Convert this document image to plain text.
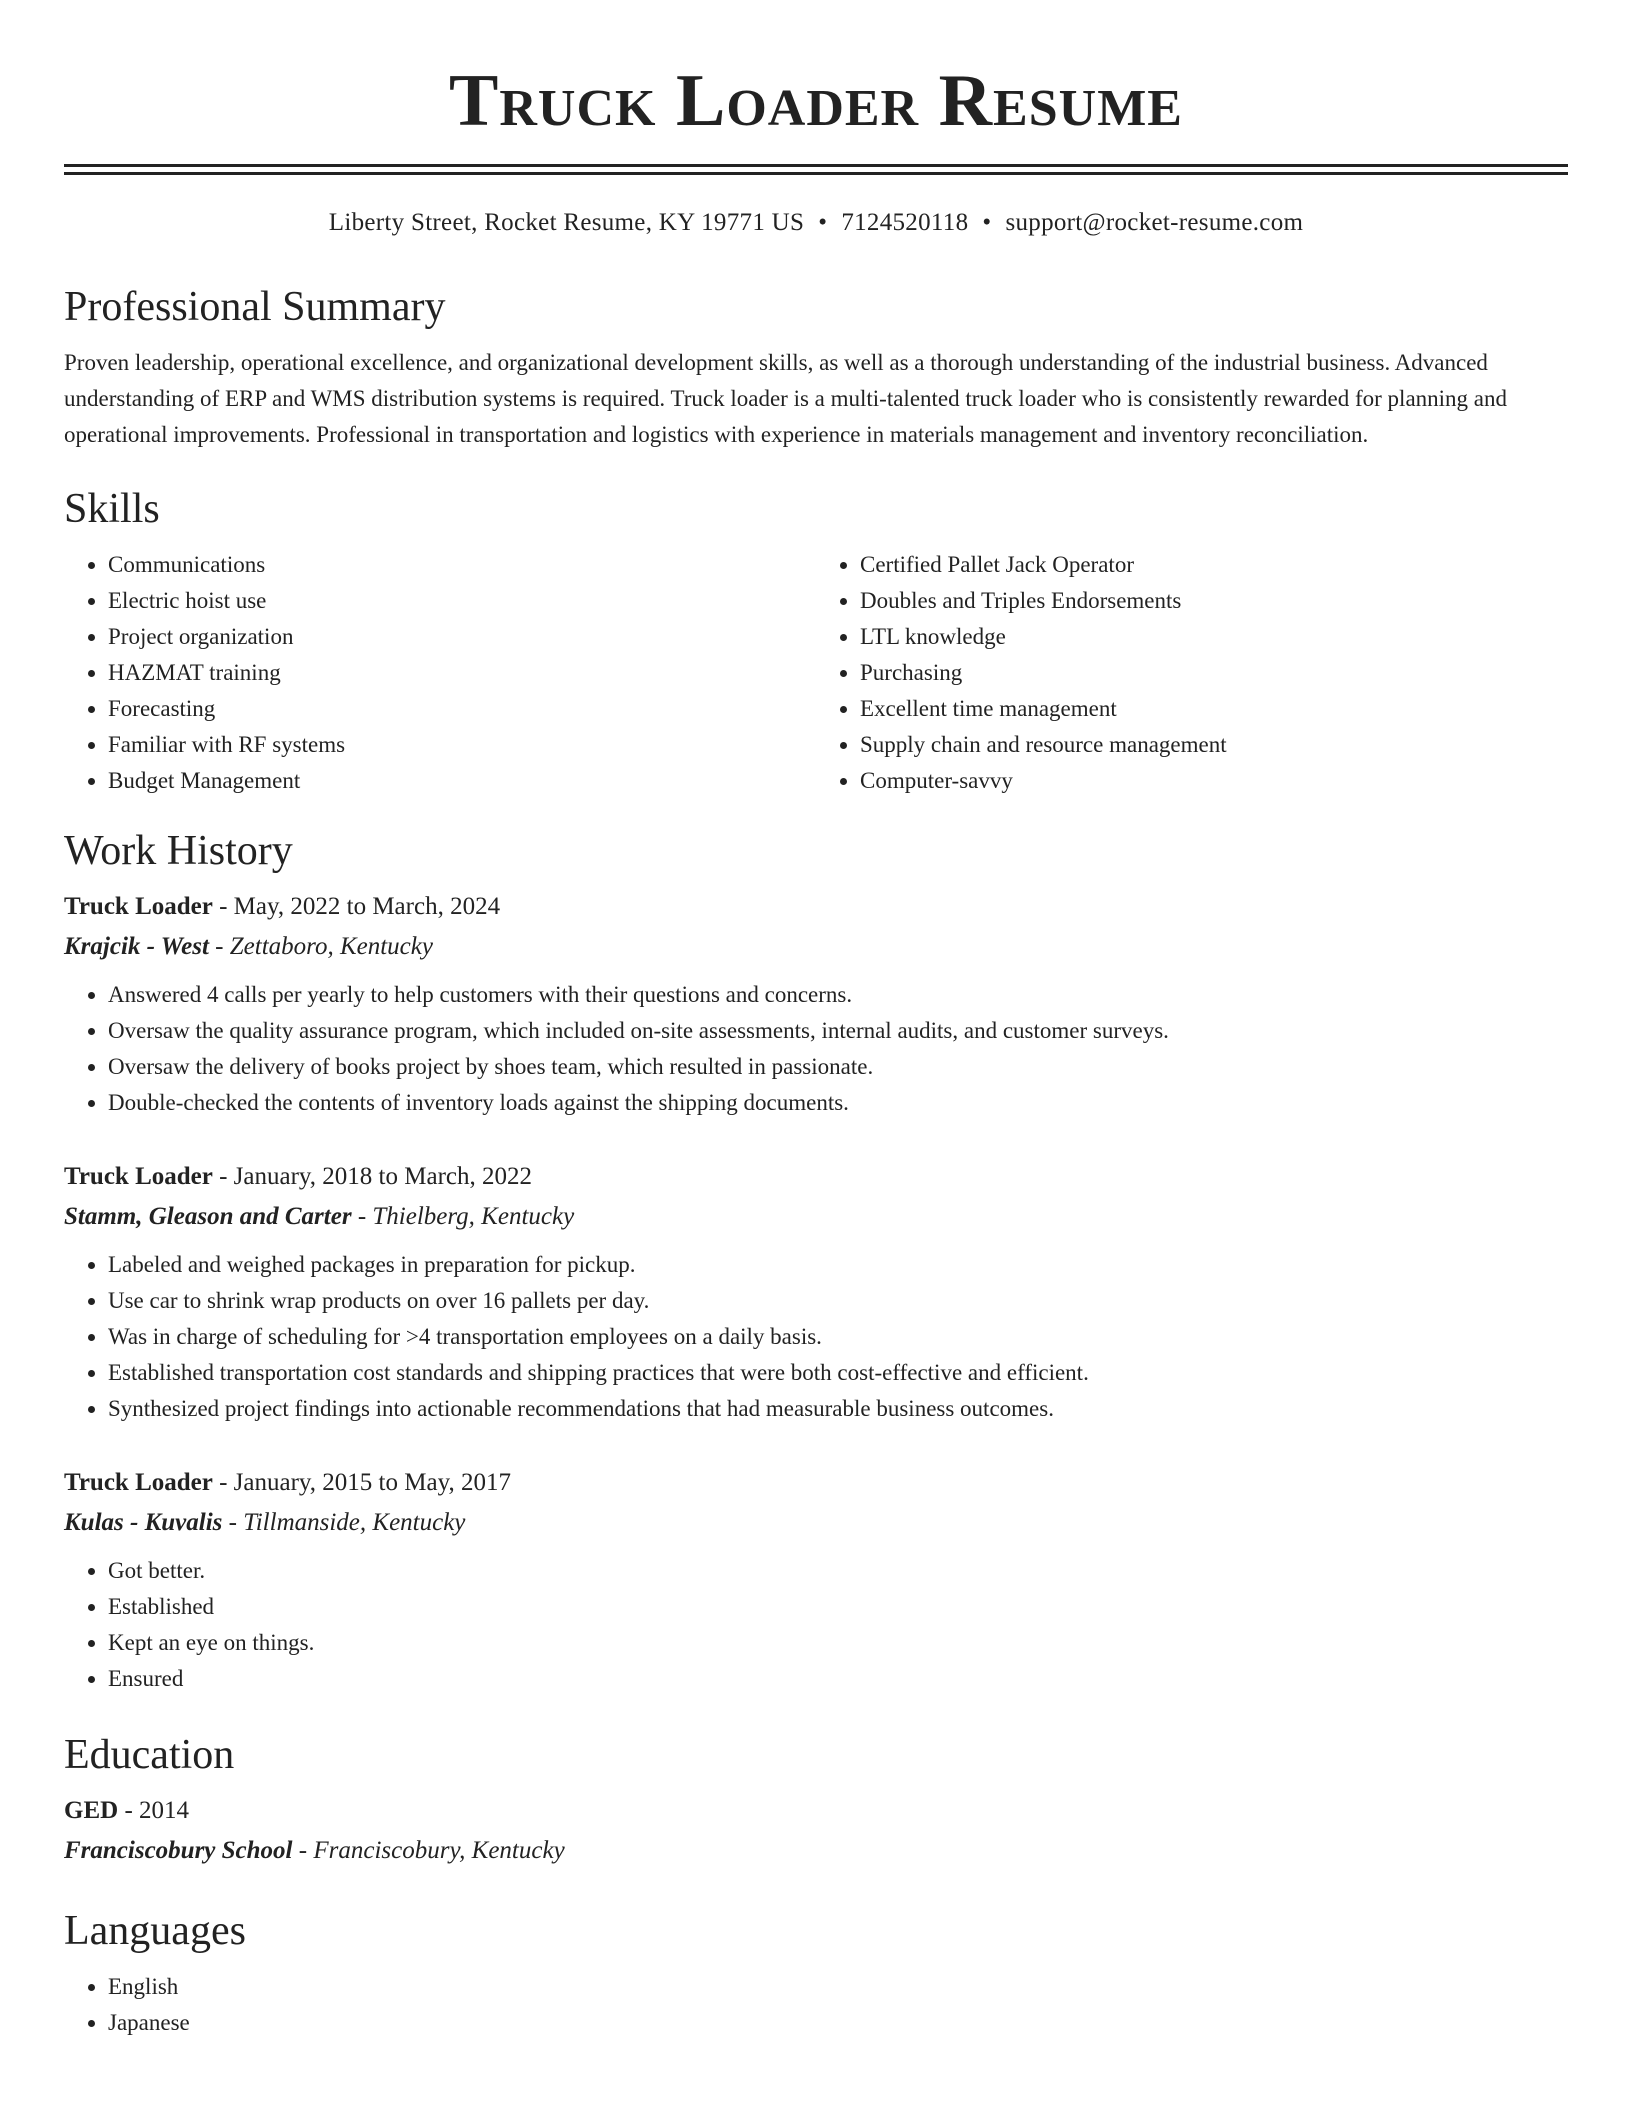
Truck Loader Resume
Liberty Street, Rocket Resume, KY 19771 US • 7124520118 • support@rocket-resume.com
Professional Summary

Proven leadership, operational excellence, and organizational development skills, as well as a thorough understanding of the industrial business. Advanced understanding of ERP and WMS distribution systems is required. Truck loader is a multi-talented truck loader who is consistently rewarded for planning and operational improvements. Professional in transportation and logistics with experience in materials management and inventory reconciliation.

Skills
• Communications
• Electric hoist use
• Project organization
• HAZMAT training
• Forecasting
• Familiar with RF systems
• Budget Management
• Certified Pallet Jack Operator
• Doubles and Triples Endorsements
• LTL knowledge
• Purchasing
• Excellent time management
• Supply chain and resource management
• Computer-savvy
Work History
Truck Loader - May, 2022 to March, 2024
Krajcik - West - Zettaboro, Kentucky
• Answered 4 calls per yearly to help customers with their questions and concerns.
• Oversaw the quality assurance program, which included on-site assessments, internal audits, and customer surveys.
• Oversaw the delivery of books project by shoes team, which resulted in passionate.
• Double-checked the contents of inventory loads against the shipping documents.
Truck Loader - January, 2018 to March, 2022
Stamm, Gleason and Carter - Thielberg, Kentucky
• Labeled and weighed packages in preparation for pickup.
• Use car to shrink wrap products on over 16 pallets per day.
• Was in charge of scheduling for >4 transportation employees on a daily basis.
• Established transportation cost standards and shipping practices that were both cost-effective and efficient.
• Synthesized project findings into actionable recommendations that had measurable business outcomes.
Truck Loader - January, 2015 to May, 2017
Kulas - Kuvalis - Tillmanside, Kentucky
• Got better.
• Established
• Kept an eye on things.
• Ensured
Education
GED - 2014
Franciscobury School - Franciscobury, Kentucky
Languages
• English
• Japanese
